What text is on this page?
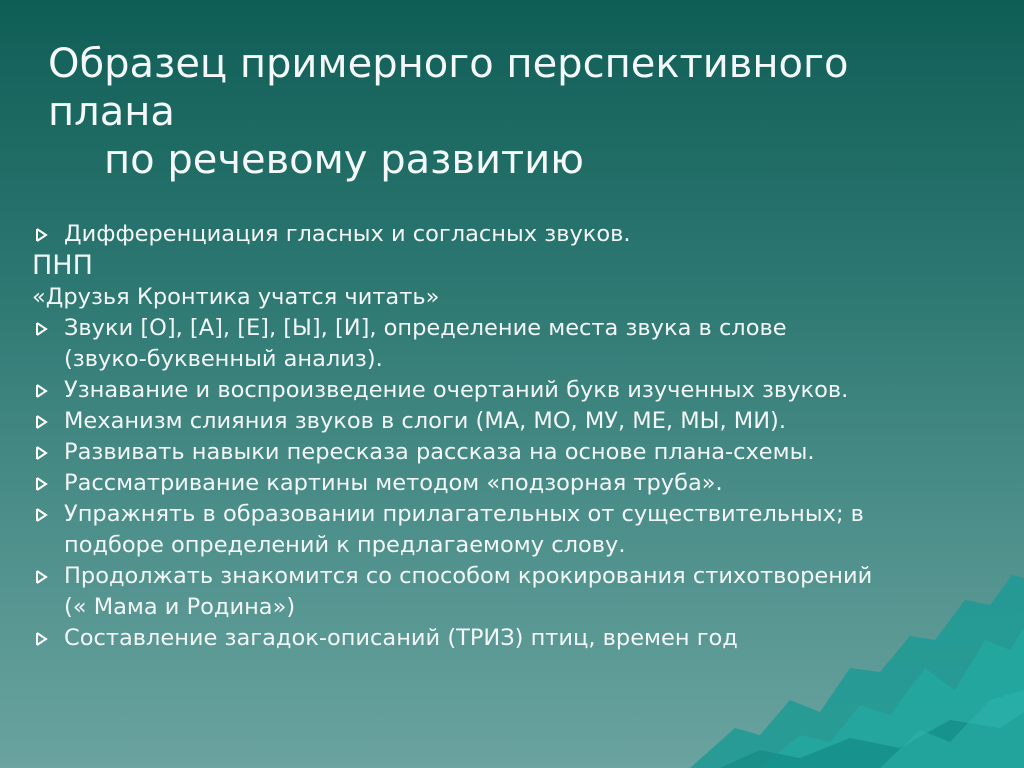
Образец примерного перспективного плана
по речевому развитию
Дифференциация гласных и согласных звуков.
ПНП
«Друзья Кронтика учатся читать»
Звуки [О], [А], [Е], [Ы], [И], определение места звука в слове
(звуко-буквенный анализ).
Узнавание и воспроизведение очертаний букв изученных звуков.
Механизм слияния звуков в слоги (МА, МО, МУ, МЕ, МЫ, МИ).
Развивать навыки пересказа рассказа на основе плана-схемы.
Рассматривание картины методом «подзорная труба».
Упражнять в образовании прилагательных от существительных; в
подборе определений к предлагаемому слову.
Продолжать знакомится со способом крокирования стихотворений
(« Мама и Родина»)
Составление загадок-описаний (ТРИЗ) птиц, времен год
